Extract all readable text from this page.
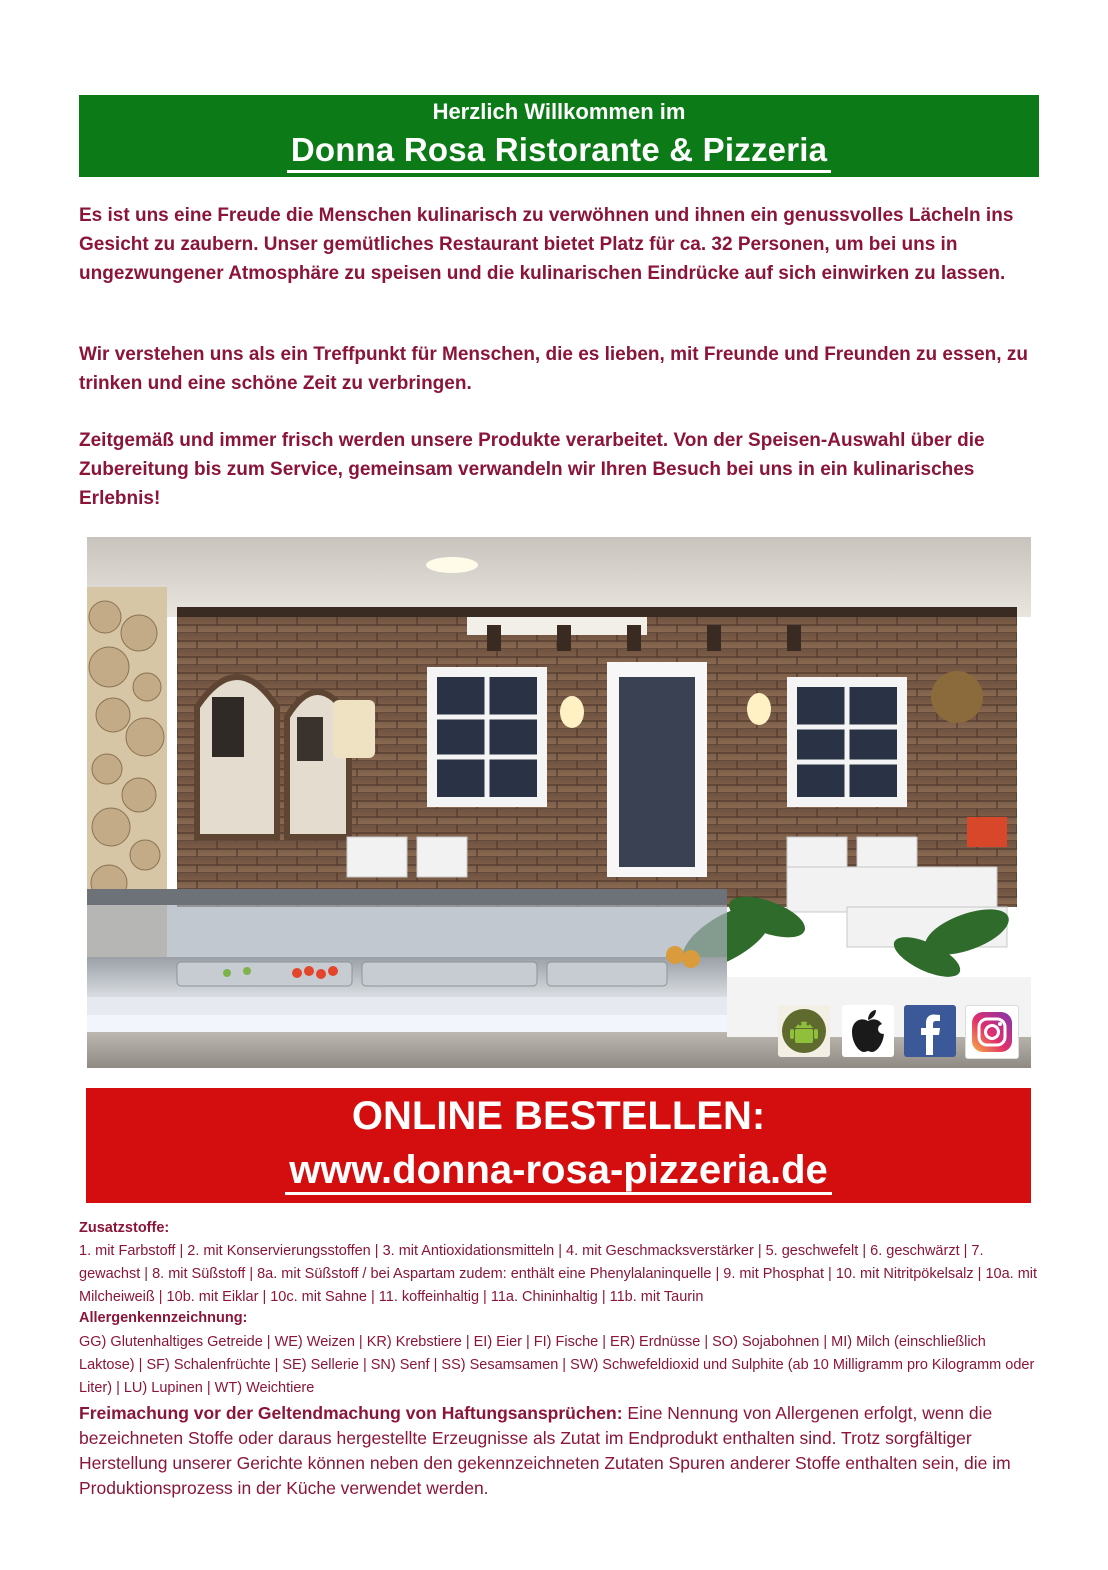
Herzlich Willkommen im
Donna Rosa Ristorante & Pizzeria

Es ist uns eine Freude die Menschen kulinarisch zu verwöhnen und ihnen ein genussvolles Lächeln ins Gesicht zu zaubern. Unser gemütliches Restaurant bietet Platz für ca. 32 Personen, um bei uns in ungezwungener Atmosphäre zu speisen und die kulinarischen Eindrücke auf sich einwirken zu lassen.

Wir verstehen uns als ein Treffpunkt für Menschen, die es lieben, mit Freunde und Freunden zu essen, zu trinken und eine schöne Zeit zu verbringen.

Zeitgemäß und immer frisch werden unsere Produkte verarbeitet. Von der Speisen-Auswahl über die Zubereitung bis zum Service, gemeinsam verwandeln wir Ihren Besuch bei uns in ein kulinarisches Erlebnis!

ONLINE BESTELLEN:
www.donna-rosa-pizzeria.de

Zusatzstoffe:

1. mit Farbstoff | 2. mit Konservierungsstoffen | 3. mit Antioxidationsmitteln | 4. mit Geschmacksverstärker | 5. geschwefelt | 6. geschwärzt | 7. gewachst | 8. mit Süßstoff | 8a. mit Süßstoff / bei Aspartam zudem: enthält eine Phenylalaninquelle | 9. mit Phosphat | 10. mit Nitritpökelsalz | 10a. mit Milcheiweiß | 10b. mit Eiklar | 10c. mit Sahne | 11. koffeinhaltig | 11a. Chininhaltig | 11b. mit Taurin

Allergenkennzeichnung:

GG) Glutenhaltiges Getreide | WE) Weizen | KR) Krebstiere | EI) Eier | FI) Fische | ER) Erdnüsse | SO) Sojabohnen | MI) Milch (einschließlich Laktose) | SF) Schalenfrüchte | SE) Sellerie | SN) Senf | SS) Sesamsamen | SW) Schwefeldioxid und Sulphite (ab 10 Milligramm pro Kilogramm oder Liter) | LU) Lupinen | WT) Weichtiere

Freimachung vor der Geltendmachung von Haftungsansprüchen: Eine Nennung von Allergenen erfolgt, wenn die bezeichneten Stoffe oder daraus hergestellte Erzeugnisse als Zutat im Endprodukt enthalten sind. Trotz sorgfältiger Herstellung unserer Gerichte können neben den gekennzeichneten Zutaten Spuren anderer Stoffe enthalten sein, die im Produktionsprozess in der Küche verwendet werden.
